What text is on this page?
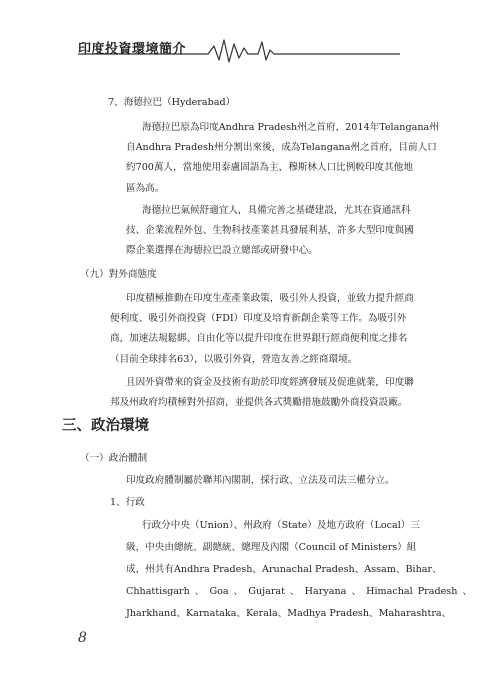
印度投資環境簡介
7、海德拉巴（Hyderabad）
海德拉巴原為印度Andhra Pradesh州之首府，2014年Telangana州
自Andhra Pradesh州分割出來後，成為Telangana州之首府，目前人口
約700萬人，當地使用泰盧固語為主，穆斯林人口比例較印度其他地
區為高。
海德拉巴氣候舒適宜人，具備完善之基礎建設，尤其在資通訊科
技、企業流程外包、生物科技產業甚具發展利基，許多大型印度與國
際企業選擇在海德拉巴設立總部或研發中心。
（九）對外商態度
印度積極推動在印度生產產業政策，吸引外人投資，並致力提升經商
便利度、吸引外商投資（FDI）印度及培育新創企業等工作。為吸引外
商，加速法規鬆綁、自由化等以提升印度在世界銀行經商便利度之排名
（目前全球排名63），以吸引外資，營造友善之經商環境。
且因外資帶來的資金及技術有助於印度經濟發展及促進就業，印度聯
邦及州政府均積極對外招商，並提供各式獎勵措施鼓勵外商投資設廠。
三、政治環境
（一）政治體制
印度政府體制屬於聯邦內閣制，採行政、立法及司法三權分立。
1、行政
行政分中央（Union）、州政府（State）及地方政府（Local）三
級，中央由總統、副總統、總理及內閣（Council of Ministers）組
成，州共有Andhra Pradesh、Arunachal Pradesh、Assam、Bihar、
Chhattisgarh 、 Goa 、 Gujarat 、 Haryana 、 Himachal Pradesh 、
Jharkhand、Karnataka、Kerala、Madhya Pradesh、Maharashtra、
8
